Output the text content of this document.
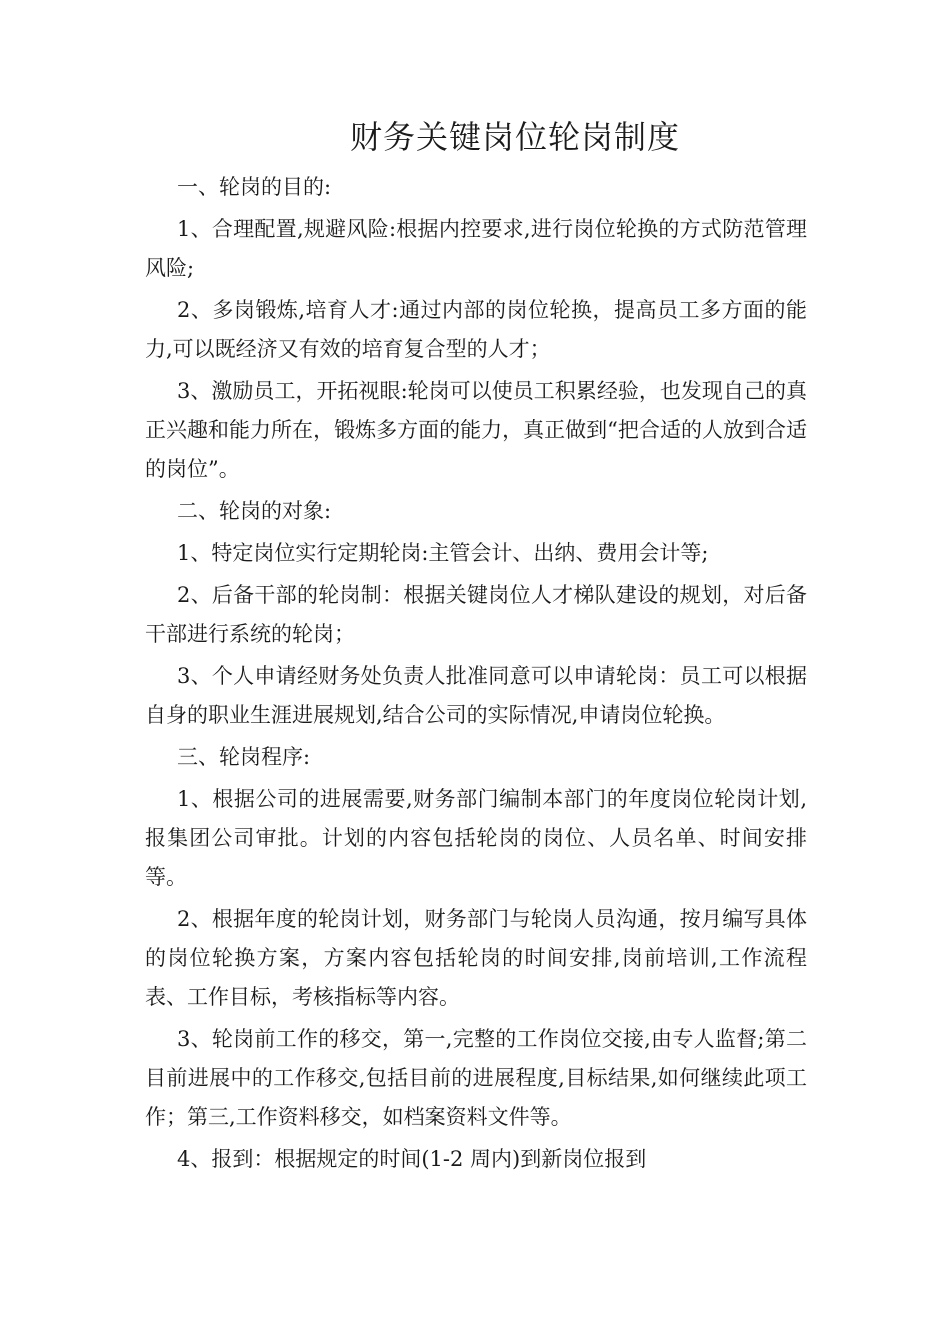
财务关键岗位轮岗制度

一、轮岗的目的:

1、合理配置,规避风险:根据内控要求,进行岗位轮换的方式防范管理风险;

2、多岗锻炼,培育人才:通过内部的岗位轮换，提高员工多方面的能力,可以既经济又有效的培育复合型的人才；

3、激励员工，开拓视眼:轮岗可以使员工积累经验，也发现自己的真正兴趣和能力所在，锻炼多方面的能力，真正做到“把合适的人放到合适的岗位”。

二、轮岗的对象:

1、特定岗位实行定期轮岗:主管会计、出纳、费用会计等;

2、后备干部的轮岗制：根据关键岗位人才梯队建设的规划，对后备干部进行系统的轮岗；

3、个人申请经财务处负责人批准同意可以申请轮岗：员工可以根据自身的职业生涯进展规划,结合公司的实际情况,申请岗位轮换。

三、轮岗程序:

1、根据公司的进展需要,财务部门编制本部门的年度岗位轮岗计划,报集团公司审批。计划的内容包括轮岗的岗位、人员名单、时间安排等。

2、根据年度的轮岗计划，财务部门与轮岗人员沟通，按月编写具体的岗位轮换方案，方案内容包括轮岗的时间安排,岗前培训,工作流程表、工作目标，考核指标等内容。

3、轮岗前工作的移交，第一,完整的工作岗位交接,由专人监督;第二目前进展中的工作移交,包括目前的进展程度,目标结果,如何继续此项工作；第三,工作资料移交，如档案资料文件等。

4、报到：根据规定的时间(1-2 周内)到新岗位报到
